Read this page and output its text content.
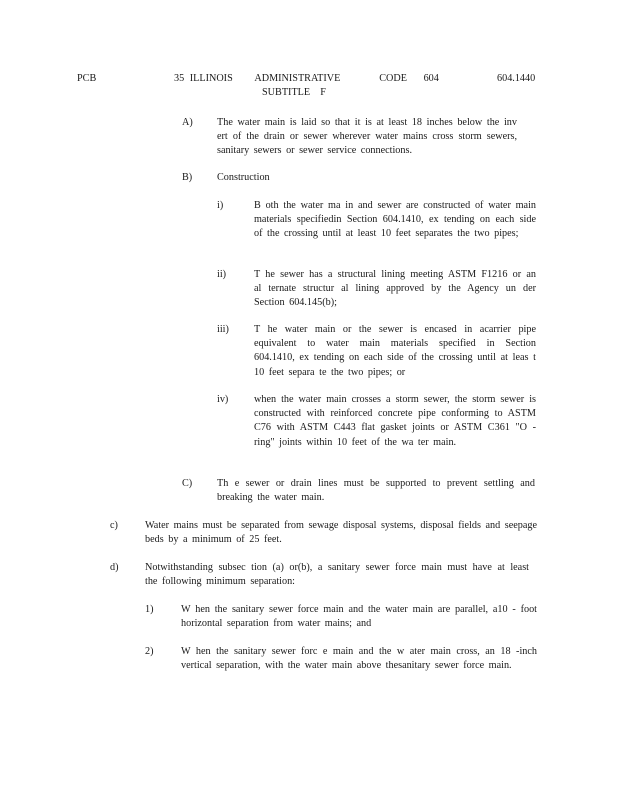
PCB	35 ILLINOIS    ADMINISTRATIVE       CODE   604
SUBTITLE    F
604.1440
A) The water main is laid so that it is at least 18 inches below the inv ert of the drain or sewer wherever water mains cross storm sewers, sanitary sewers or sewer service connections.
B) Construction
i)	B oth the water ma in and sewer are constructed of water main materials specifiedin Section 604.1410, ex tending on each side of the crossing until at least 10 feet separates the two pipes;
ii)	T he sewer has a structural lining meeting ASTM F1216 or an al ternate structur al lining approved by the Agency un der Section 604.145(b);
iii) T he water main or the sewer is encased in acarrier pipe equivalent to water main materials specified in Section 604.1410, ex tending on each side of the crossing until at leas t 10 feet separa te the two pipes; or
iv)	when the water main crosses a storm sewer, the storm sewer is constructed with reinforced concrete pipe conforming to ASTM C76 with ASTM C443 flat gasket joints or ASTM C361 "O -ring" joints within 10 feet of the wa ter main.
C) Th e sewer or drain lines must be supported to prevent settling and breaking the water main.
c)	Water mains must be separated from sewage disposal systems, disposal fields and seepage beds by a minimum of 25 feet.
d)	Notwithstanding subsec tion (a) or(b), a sanitary sewer force main must have at least the following minimum separation:
1)	W hen the sanitary sewer force main and the water main are parallel, a10 - foot horizontal separation from water mains; and
2)	W hen the sanitary sewer forc e main and the w ater main cross, an 18 -inch vertical separation, with the water main above thesanitary sewer force main.
